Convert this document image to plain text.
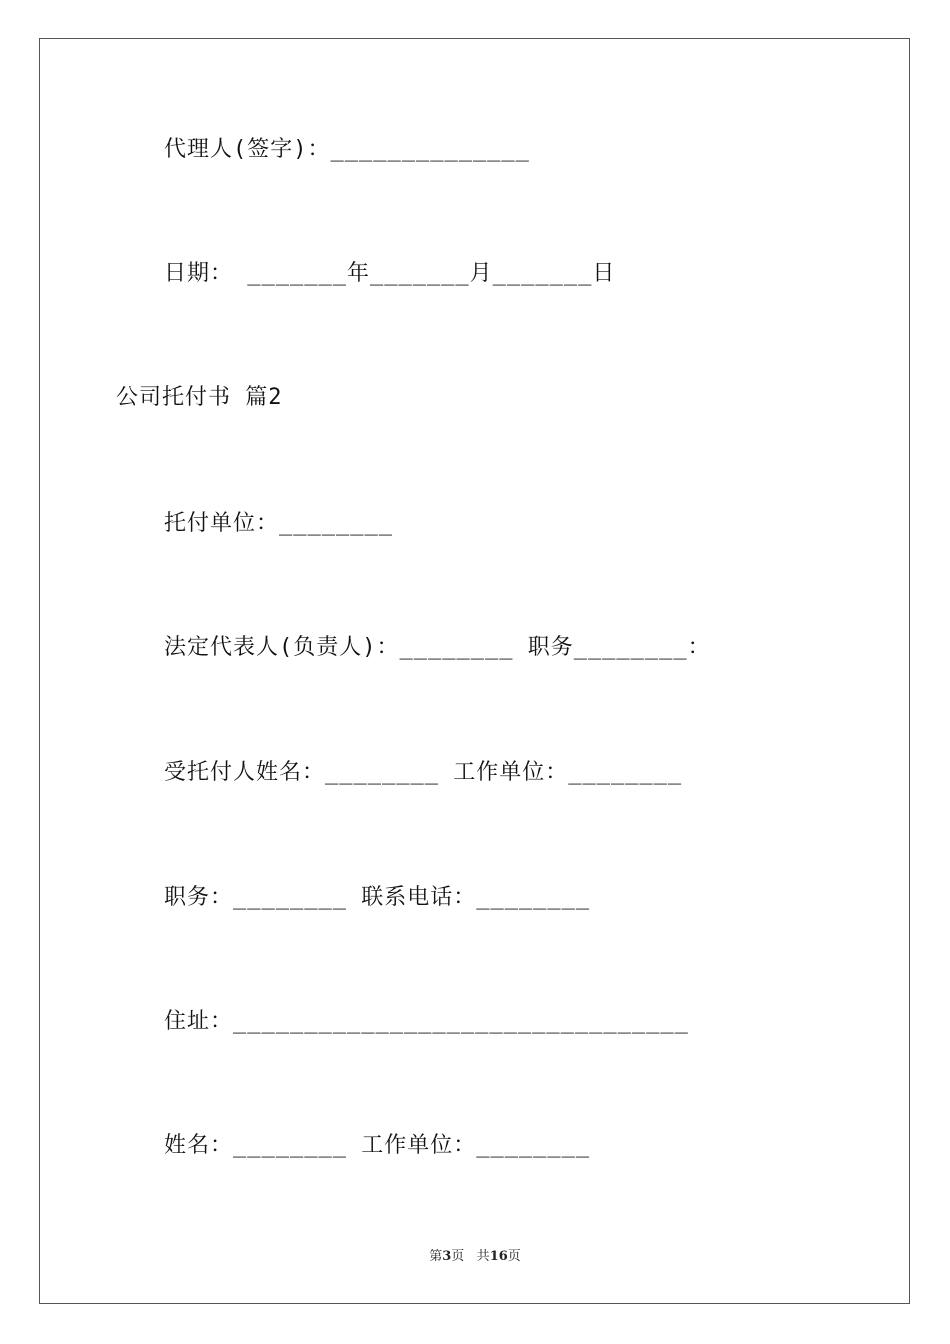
代理人(签字)：______________
日期： _______年_______月_______日
公司托付书 篇2
托付单位：________
法定代表人(负责人)：________ 职务________：
受托付人姓名：________ 工作单位：________
职务：________ 联系电话：________
住址：________________________________
姓名：________ 工作单位：________
第3页 共16页
